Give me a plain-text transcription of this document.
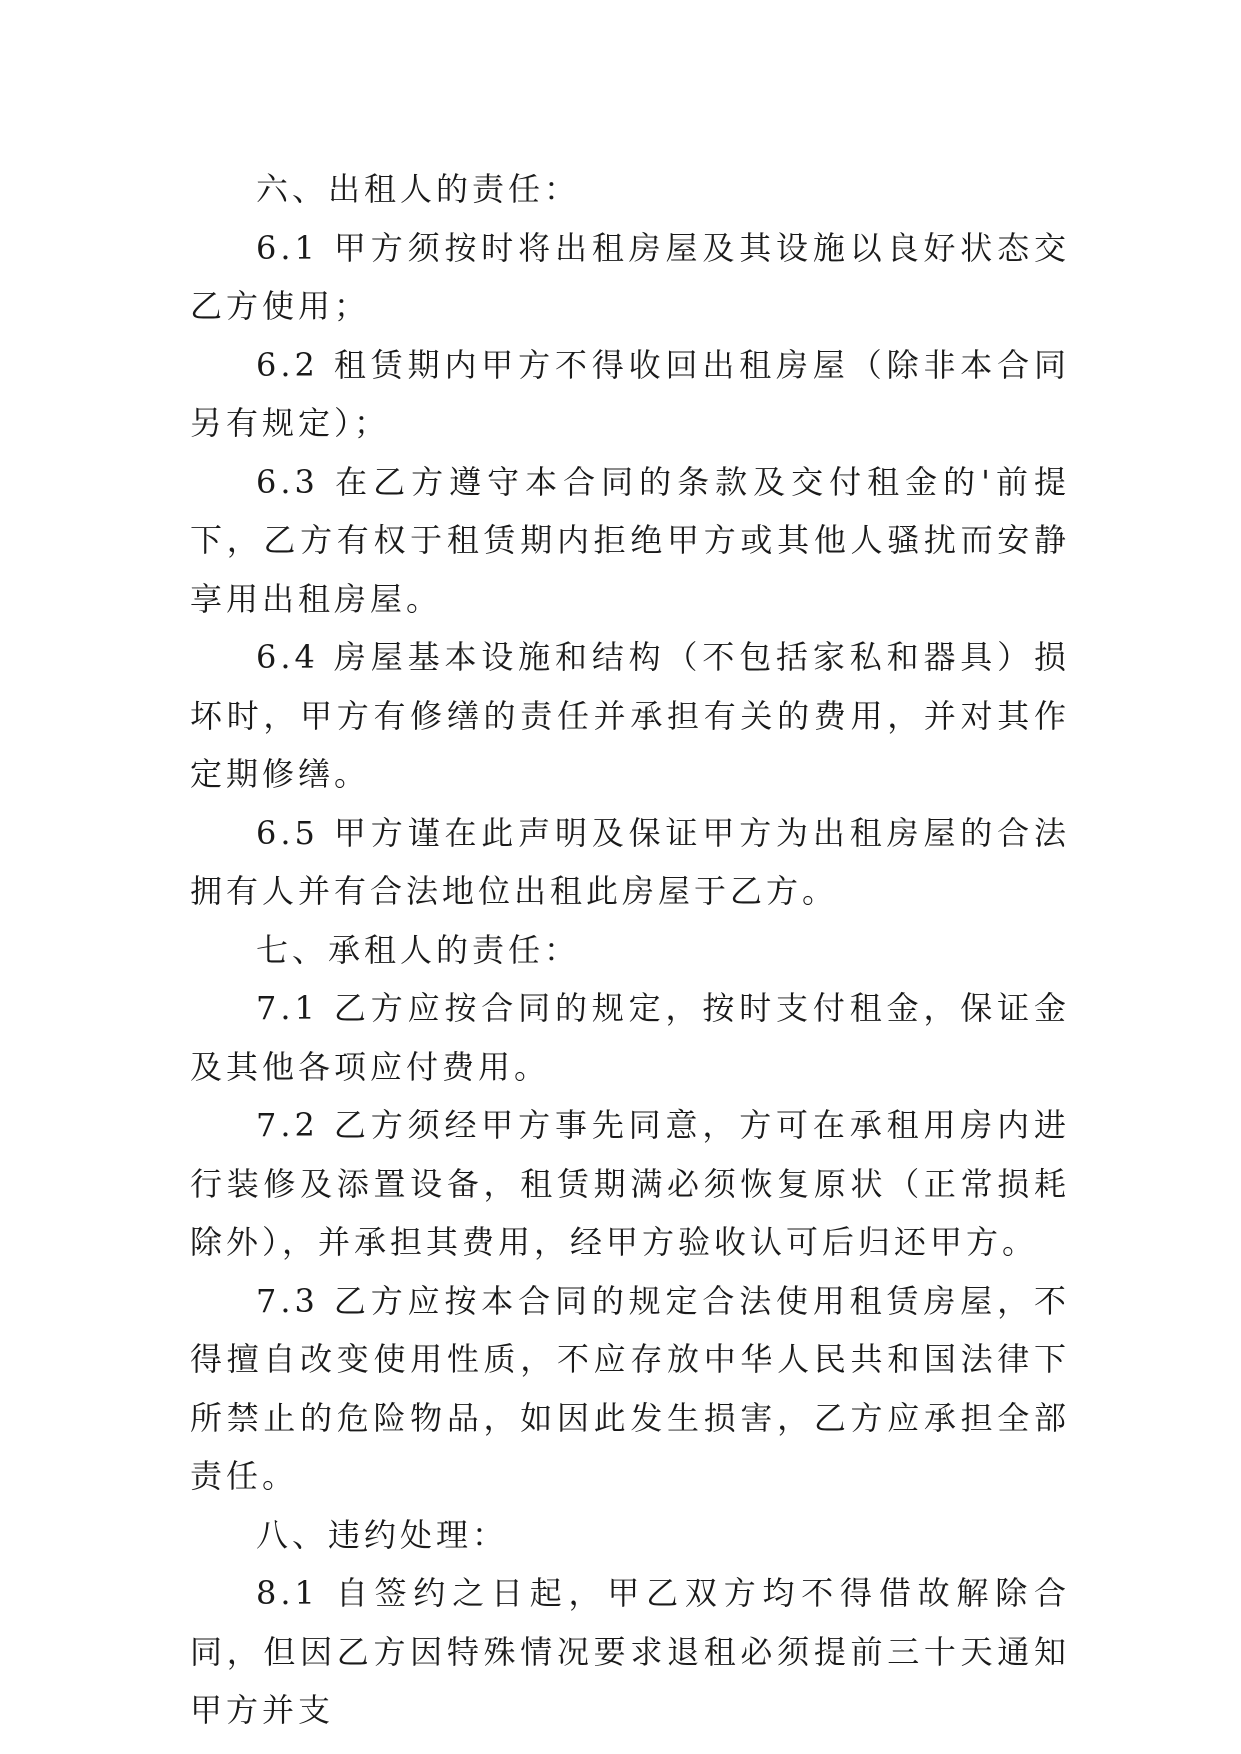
六、出租人的责任：

6.1 甲方须按时将出租房屋及其设施以良好状态交乙方使用；

6.2 租赁期内甲方不得收回出租房屋（除非本合同另有规定）；

6.3 在乙方遵守本合同的条款及交付租金的'前提下，乙方有权于租赁期内拒绝甲方或其他人骚扰而安静享用出租房屋。

6.4 房屋基本设施和结构（不包括家私和器具）损坏时，甲方有修缮的责任并承担有关的费用，并对其作定期修缮。

6.5 甲方谨在此声明及保证甲方为出租房屋的合法拥有人并有合法地位出租此房屋于乙方。

七、承租人的责任：

7.1 乙方应按合同的规定，按时支付租金，保证金及其他各项应付费用。

7.2 乙方须经甲方事先同意，方可在承租用房内进行装修及添置设备，租赁期满必须恢复原状（正常损耗除外），并承担其费用，经甲方验收认可后归还甲方。

7.3 乙方应按本合同的规定合法使用租赁房屋，不得擅自改变使用性质，不应存放中华人民共和国法律下所禁止的危险物品，如因此发生损害，乙方应承担全部责任。

八、违约处理：

8.1 自签约之日起，甲乙双方均不得借故解除合同，但因乙方因特殊情况要求退租必须提前三十天通知甲方并支
